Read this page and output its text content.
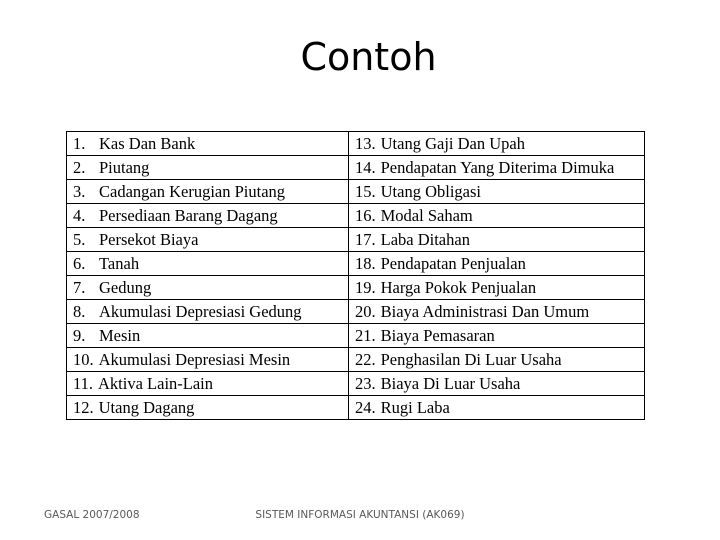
Contoh
1. Kas Dan Bank	13. Utang Gaji Dan Upah
2. Piutang	14. Pendapatan Yang Diterima Dimuka
3. Cadangan Kerugian Piutang	15. Utang Obligasi
4. Persediaan Barang Dagang	16. Modal Saham
5. Persekot Biaya	17. Laba Ditahan
6. Tanah	18. Pendapatan Penjualan
7. Gedung	19. Harga Pokok Penjualan
8. Akumulasi Depresiasi Gedung	20. Biaya Administrasi Dan Umum
9. Mesin	21. Biaya Pemasaran
10. Akumulasi Depresiasi Mesin	22. Penghasilan Di Luar Usaha
11. Aktiva Lain-Lain	23. Biaya Di Luar Usaha
12. Utang Dagang	24. Rugi Laba
GASAL 2007/2008	SISTEM INFORMASI AKUNTANSI (AK069)
